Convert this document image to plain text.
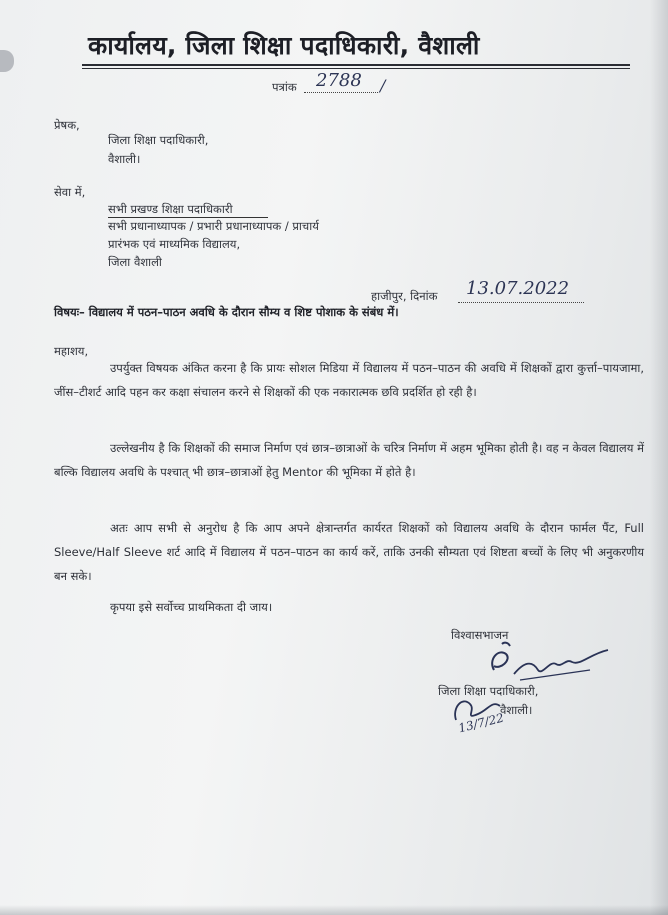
कार्यालय, जिला शिक्षा पदाधिकारी, वैशाली
पत्रांक 2788 /
प्रेषक,
जिला शिक्षा पदाधिकारी,
वैशाली।
सेवा में,
सभी प्रखण्ड शिक्षा पदाधिकारी
सभी प्रधानाध्यापक / प्रभारी प्रधानाध्यापक / प्राचार्य
प्रारंभक एवं माध्यमिक विद्यालय,
जिला वैशाली
हाजीपुर, दिनांक 13.07.2022
विषयः– विद्यालय में पठन–पाठन अवधि के दौरान सौम्य व शिष्ट पोशाक के संबंध में।
महाशय,
उपर्युक्त विषयक अंकित करना है कि प्रायः सोशल मिडिया में विद्यालय में पठन–पाठन की अवधि में शिक्षकों द्वारा कुर्त्ता–पायजामा, जींस–टीशर्ट आदि पहन कर कक्षा संचालन करने से शिक्षकों की एक नकारात्मक छवि प्रदर्शित हो रही है।
उल्लेखनीय है कि शिक्षकों की समाज निर्माण एवं छात्र–छात्राओं के चरित्र निर्माण में अहम भूमिका होती है। वह न केवल विद्यालय में बल्कि विद्यालय अवधि के पश्चात् भी छात्र–छात्राओं हेतु Mentor की भूमिका में होते है।
अतः आप सभी से अनुरोध है कि आप अपने क्षेत्रान्तर्गत कार्यरत शिक्षकों को विद्यालय अवधि के दौरान फार्मल पैंट, Full Sleeve/Half Sleeve शर्ट आदि में विद्यालय में पठन–पाठन का कार्य करें, ताकि उनकी सौम्यता एवं शिष्टता बच्चों के लिए भी अनुकरणीय बन सके।
कृपया इसे सर्वोच्च प्राथमिकता दी जाय।
विश्वासभाजन
जिला शिक्षा पदाधिकारी,
वैशाली।
13/7/22
